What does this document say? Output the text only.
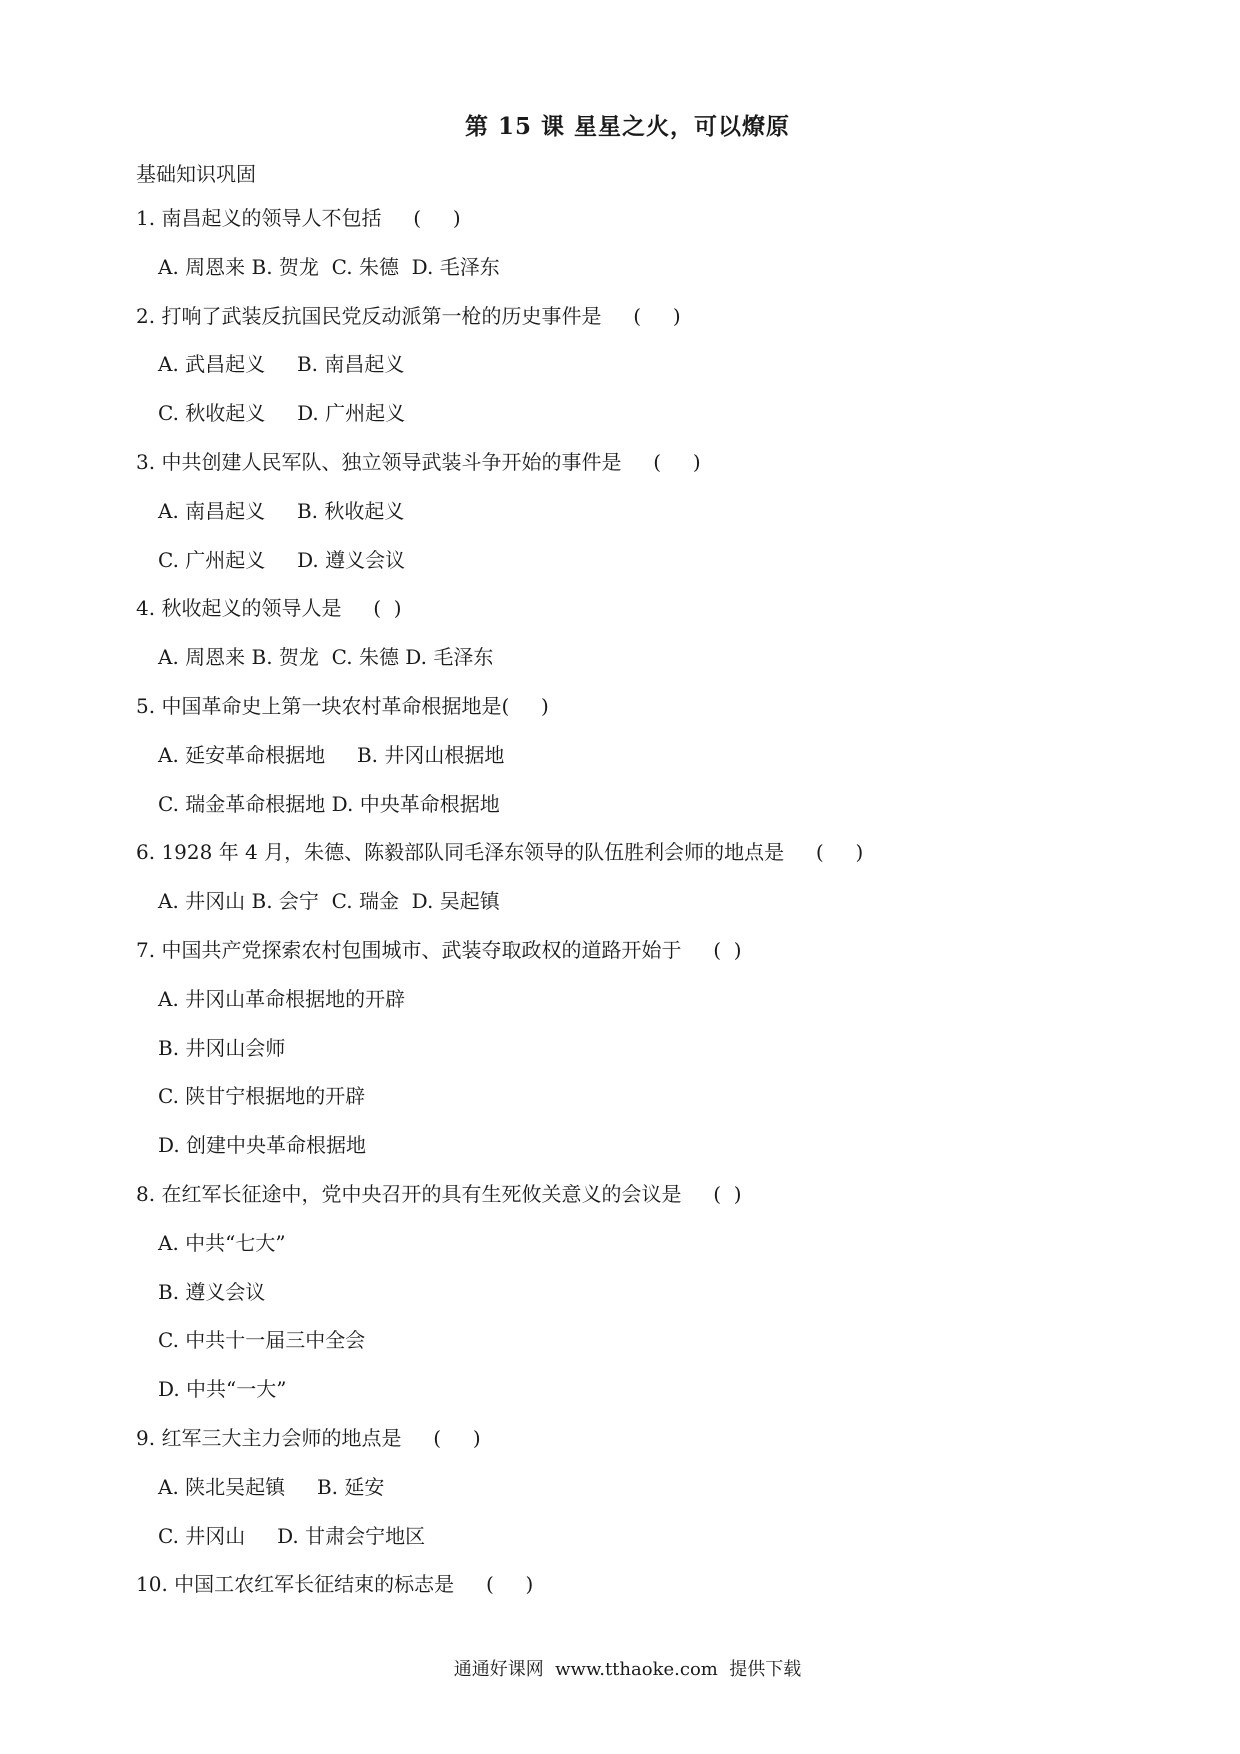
第 15 课 星星之火，可以燎原
基础知识巩固
1. 南昌起义的领导人不包括     (     )
A. 周恩来 B. 贺龙  C. 朱德  D. 毛泽东
2. 打响了武装反抗国民党反动派第一枪的历史事件是     (     )
A. 武昌起义     B. 南昌起义
C. 秋收起义     D. 广州起义
3. 中共创建人民军队、独立领导武装斗争开始的事件是     (     )
A. 南昌起义     B. 秋收起义
C. 广州起义     D. 遵义会议
4. 秋收起义的领导人是     (  )
A. 周恩来 B. 贺龙  C. 朱德 D. 毛泽东
5. 中国革命史上第一块农村革命根据地是(     )
A. 延安革命根据地     B. 井冈山根据地
C. 瑞金革命根据地 D. 中央革命根据地
6. 1928 年 4 月，朱德、陈毅部队同毛泽东领导的队伍胜利会师的地点是     (     )
A. 井冈山 B. 会宁  C. 瑞金  D. 吴起镇
7. 中国共产党探索农村包围城市、武装夺取政权的道路开始于     (  )
A. 井冈山革命根据地的开辟
B. 井冈山会师
C. 陕甘宁根据地的开辟
D. 创建中央革命根据地
8. 在红军长征途中，党中央召开的具有生死攸关意义的会议是     (  )
A. 中共“七大”
B. 遵义会议
C. 中共十一届三中全会
D. 中共“一大”
9. 红军三大主力会师的地点是     (     )
A. 陕北吴起镇     B. 延安
C. 井冈山     D. 甘肃会宁地区
10. 中国工农红军长征结束的标志是     (     )
通通好课网  www.tthaoke.com  提供下载
